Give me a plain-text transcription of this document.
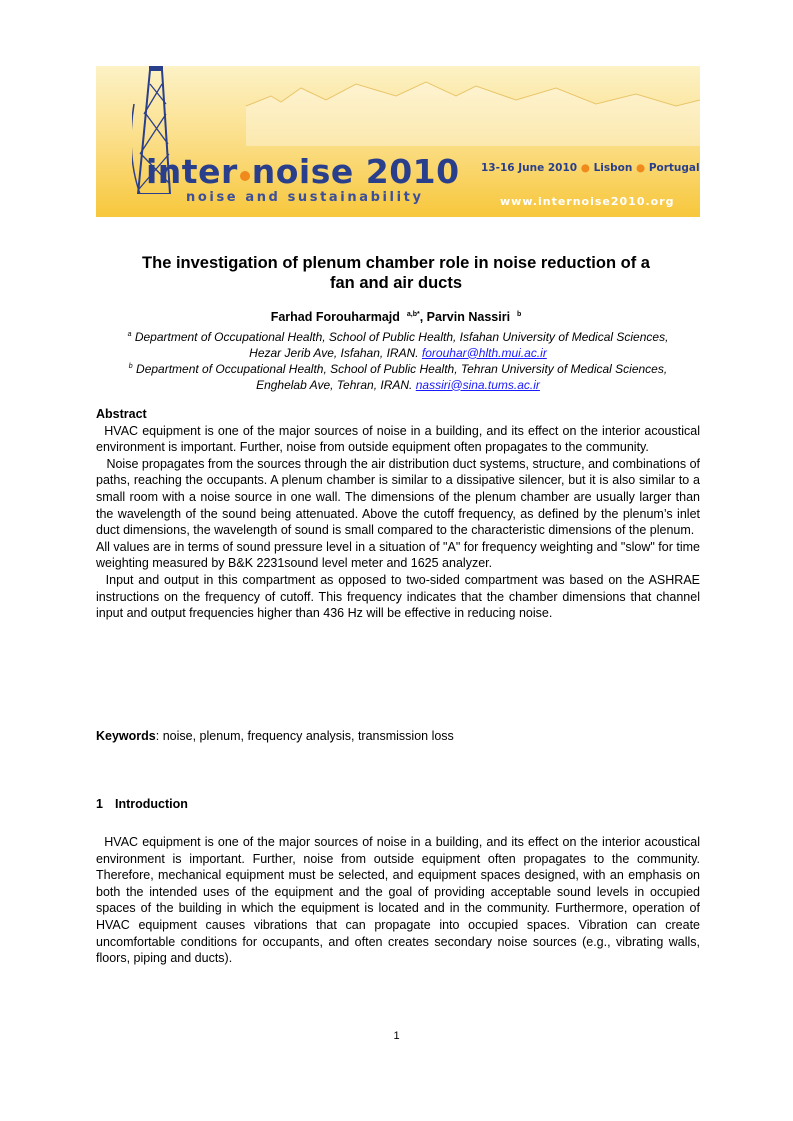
inter noise 2010
noise and sustainability
13-16 June 2010 ● Lisbon ● Portugal
www.internoise2010.org
The investigation of plenum chamber role in noise reduction of a
fan and air ducts
Farhad Forouharmajd $^{a,b*}$, Parvin Nassiri $^b$
$^a$ Department of Occupational Health, School of Public Health, Isfahan University of Medical Sciences,
Hezar Jerib Ave, Isfahan, IRAN. forouhar@hlth.mui.ac.ir
$^b$ Department of Occupational Health, School of Public Health, Tehran University of Medical Sciences,
Enghelab Ave, Tehran, IRAN. nassiri@sina.tums.ac.ir
Abstract

HVAC equipment is one of the major sources of noise in a building, and its effect on the interior acoustical environment is important. Further, noise from outside equipment often propagates to the community.

Noise propagates from the sources through the air distribution duct systems, structure, and combinations of paths, reaching the occupants. A plenum chamber is similar to a dissipative silencer, but it is also similar to a small room with a noise source in one wall. The dimensions of the plenum chamber are usually larger than the wavelength of the sound being attenuated. Above the cutoff frequency, as defined by the plenum’s inlet duct dimensions, the wavelength of sound is small compared to the characteristic dimensions of the plenum.

All values are in terms of sound pressure level in a situation of "A" for frequency weighting and "slow" for time weighting measured by B&K 2231sound level meter and 1625 analyzer.

Input and output in this compartment as opposed to two-sided compartment was based on the ASHRAE instructions on the frequency of cutoff. This frequency indicates that the chamber dimensions that channel input and output frequencies higher than 436 Hz will be effective in reducing noise.

Keywords: noise, plenum, frequency analysis, transmission loss
1 Introduction

HVAC equipment is one of the major sources of noise in a building, and its effect on the interior acoustical environment is important. Further, noise from outside equipment often propagates to the community. Therefore, mechanical equipment must be selected, and equipment spaces designed, with an emphasis on both the intended uses of the equipment and the goal of providing acceptable sound levels in occupied spaces of the building in which the equipment is located and in the community. Furthermore, operation of HVAC equipment causes vibrations that can propagate into occupied spaces. Vibration can create uncomfortable conditions for occupants, and often creates secondary noise sources (e.g., vibrating walls, floors, piping and ducts).

1
